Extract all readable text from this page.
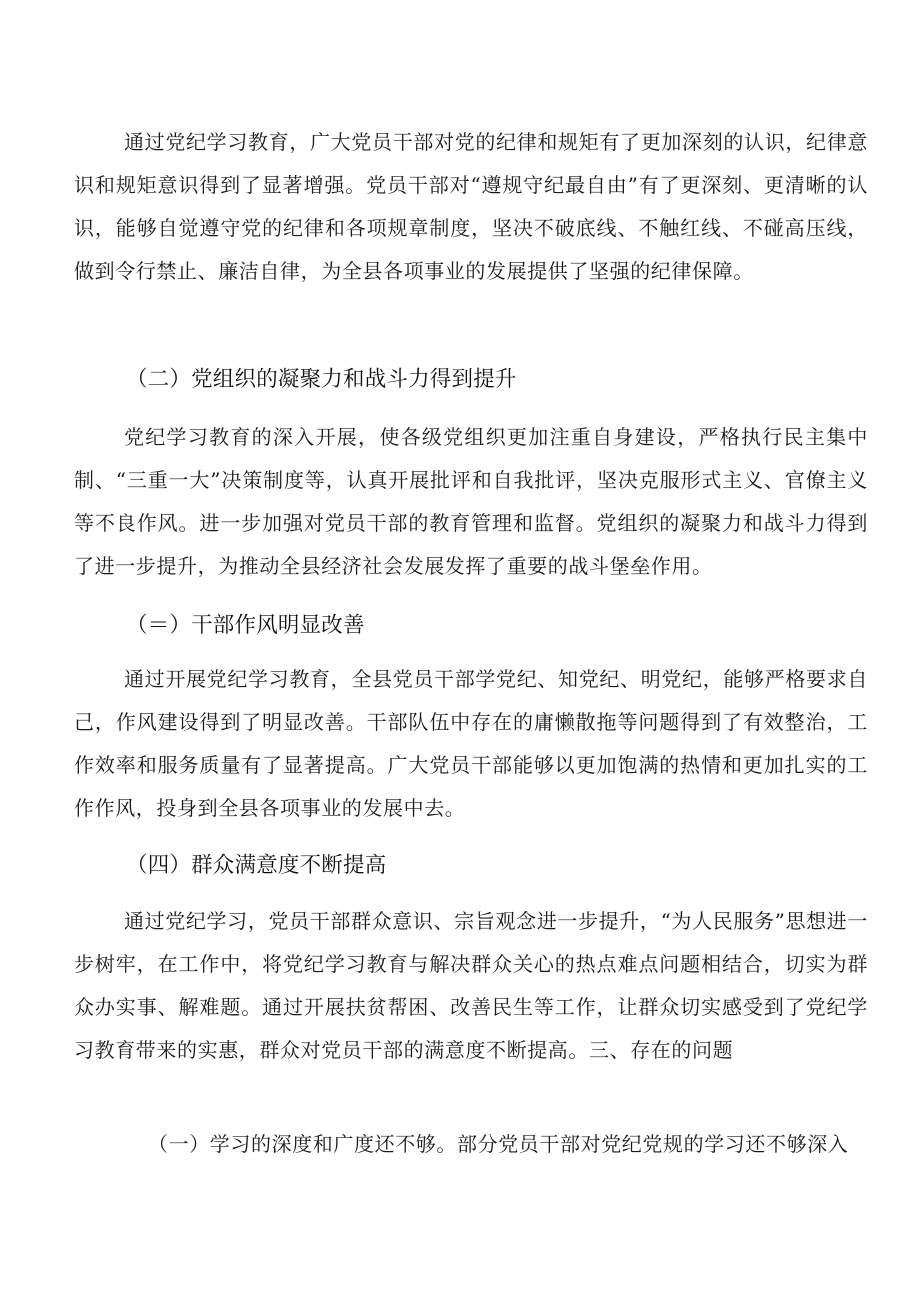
通过党纪学习教育，广大党员干部对党的纪律和规矩有了更加深刻的认识，纪律意识和规矩意识得到了显著增强。党员干部对“遵规守纪最自由”有了更深刻、更清晰的认识，能够自觉遵守党的纪律和各项规章制度，坚决不破底线、不触红线、不碰高压线，做到令行禁止、廉洁自律，为全县各项事业的发展提供了坚强的纪律保障。

（二）党组织的凝聚力和战斗力得到提升

党纪学习教育的深入开展，使各级党组织更加注重自身建设，严格执行民主集中制、“三重一大”决策制度等，认真开展批评和自我批评，坚决克服形式主义、官僚主义等不良作风。进一步加强对党员干部的教育管理和监督。党组织的凝聚力和战斗力得到了进一步提升，为推动全县经济社会发展发挥了重要的战斗堡垒作用。

（＝）干部作风明显改善

通过开展党纪学习教育，全县党员干部学党纪、知党纪、明党纪，能够严格要求自己，作风建设得到了明显改善。干部队伍中存在的庸懒散拖等问题得到了有效整治，工作效率和服务质量有了显著提高。广大党员干部能够以更加饱满的热情和更加扎实的工作作风，投身到全县各项事业的发展中去。

（四）群众满意度不断提高

通过党纪学习，党员干部群众意识、宗旨观念进一步提升，“为人民服务”思想进一步树牢，在工作中，将党纪学习教育与解决群众关心的热点难点问题相结合，切实为群众办实事、解难题。通过开展扶贫帮困、改善民生等工作，让群众切实感受到了党纪学习教育带来的实惠，群众对党员干部的满意度不断提高。三、存在的问题

（一）学习的深度和广度还不够。部分党员干部对党纪党规的学习还不够深入
